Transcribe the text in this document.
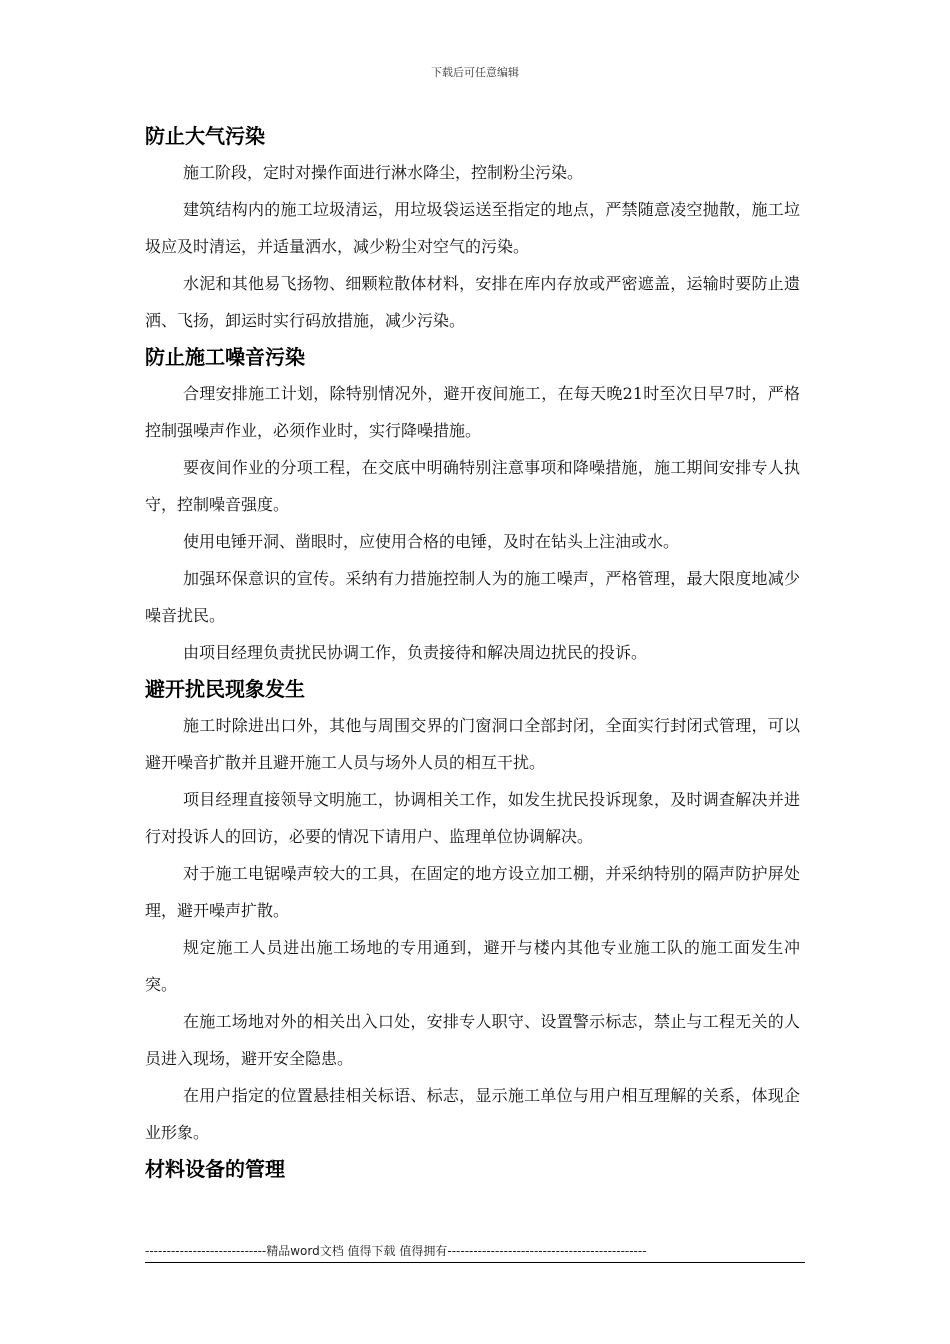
下载后可任意编辑
防止大气污染

施工阶段，定时对操作面进行淋水降尘，控制粉尘污染。

建筑结构内的施工垃圾清运，用垃圾袋运送至指定的地点，严禁随意凌空抛散，施工垃圾应及时清运，并适量洒水，减少粉尘对空气的污染。

水泥和其他易飞扬物、细颗粒散体材料，安排在库内存放或严密遮盖，运输时要防止遗洒、飞扬，卸运时实行码放措施，减少污染。

防止施工噪音污染

合理安排施工计划，除特别情况外，避开夜间施工，在每天晚21时至次日早7时，严格控制强噪声作业，必须作业时，实行降噪措施。

要夜间作业的分项工程，在交底中明确特别注意事项和降噪措施，施工期间安排专人执守，控制噪音强度。

使用电锤开洞、凿眼时，应使用合格的电锤，及时在钻头上注油或水。

加强环保意识的宣传。采纳有力措施控制人为的施工噪声，严格管理，最大限度地减少噪音扰民。

由项目经理负责扰民协调工作，负责接待和解决周边扰民的投诉。

避开扰民现象发生

施工时除进出口外，其他与周围交界的门窗洞口全部封闭，全面实行封闭式管理，可以避开噪音扩散并且避开施工人员与场外人员的相互干扰。

项目经理直接领导文明施工，协调相关工作，如发生扰民投诉现象，及时调查解决并进行对投诉人的回访，必要的情况下请用户、监理单位协调解决。

对于施工电锯噪声较大的工具，在固定的地方设立加工棚，并采纳特别的隔声防护屏处理，避开噪声扩散。

规定施工人员进出施工场地的专用通到，避开与楼内其他专业施工队的施工面发生冲突。

在施工场地对外的相关出入口处，安排专人职守、设置警示标志，禁止与工程无关的人员进入现场，避开安全隐患。

在用户指定的位置悬挂相关标语、标志，显示施工单位与用户相互理解的关系，体现企业形象。

材料设备的管理
----------------------------精品word文档 值得下载 值得拥有----------------------------------------------
